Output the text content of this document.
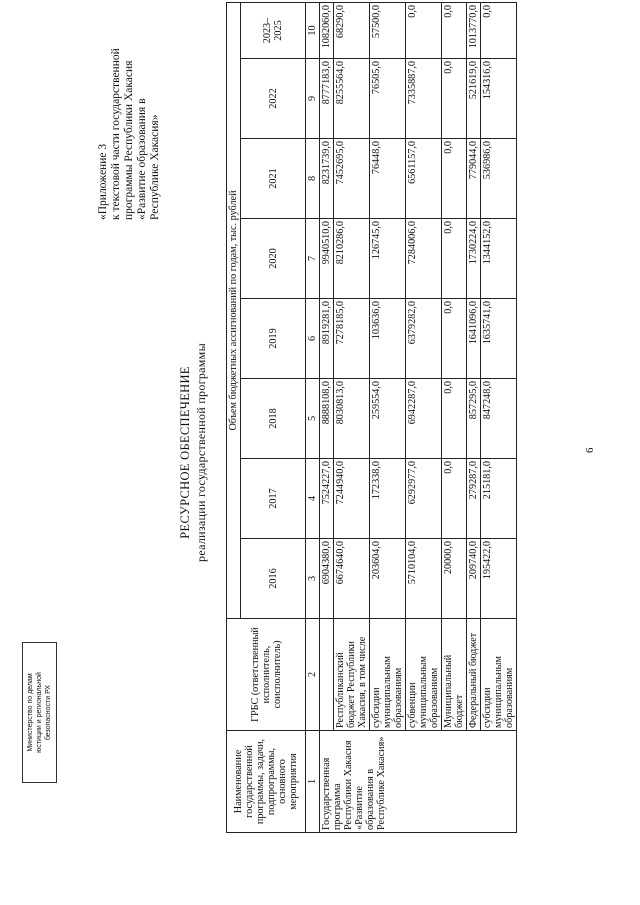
6
«Приложение 3
к текстовой части государственной
программы Республики Хакасия
«Развитие образования в
Республике Хакасия»
РЕСУРСНОЕ ОБЕСПЕЧЕНИЕ реализации государственной программы
Наименование государственной программы, задачи, подпрограммы, основного мероприятия	ГРБС (ответственный исполнитель, соисполнитель)	Объем бюджетных ассигнований по годам, тыс. рублей							
		2016	2017	2018	2019	2020	2021	2022	2023–
2025
1	2	3	4	5	6	7	8	9	10
Государственная программа Республики Хакасия «Развитие образования в Республике Хакасия»		6904380,0	7524227,0	8888108,0	8919281,0	9940510,0	8231739,0	8777183,0	1082060,0
	Республиканский бюджет Республики Хакасия, в том числе	6674640,0	7244940,0	8030813,0	7278185,0	8210286,0	7452695,0	8255564,0	68290,0
	субсидии муниципальным образованиям	203604,0	172338,0	259554,0	103636,0	126745,0	76448,0	76505,0	57500,0
	субвенции муниципальным образованиям	5710104,0	6292977,0	6942287,0	6379282,0	7284006,0	6561157,0	7335887,0	0,0
	Муниципальный бюджет	20000,0	0,0	0,0	0,0	0,0	0,0	0,0	0,0
	Федеральный бюджет	209740,0	279287,0	857295,0	1641096,0	1730224,0	779044,0	521619,0	1013770,0
	субсидии муниципальным образованиям	195422,0	215181,0	847248,0	1635741,0	1344152,0	536986,0	154316,0	0,0
Министерство по делам
юстиции и региональной
безопасности РХ
